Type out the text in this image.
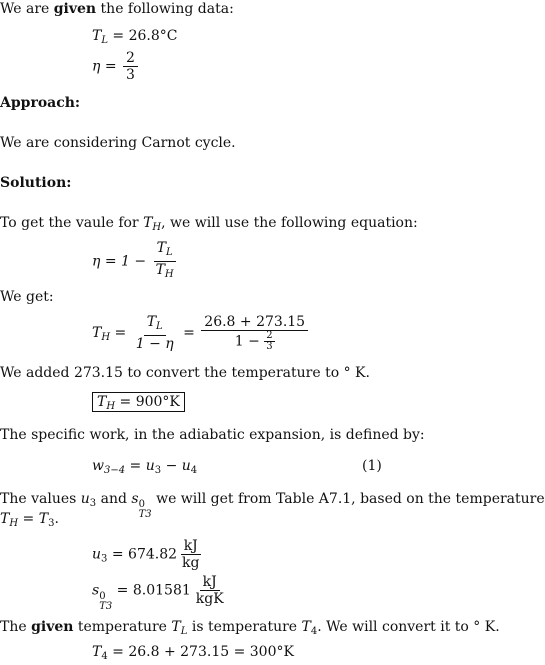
We are given the following data:
$T_L = 26.8^\circ C$
$\eta = \frac{2}{3}$
Approach:
We are considering Carnot cycle.
Solution:
To get the vaule for $T_H$, we will use the following equation:
$\eta = 1 - \frac{T_L}{T_H}$
We get:
$T_H = \frac{T_L}{1 - \eta} = \frac{26.8 + 273.15}{1 - \frac{2}{3}}$
We added 273.15 to convert the temperature to ° K.
$T_H = 900^\circ K$
The specific work, in the adiabatic expansion, is defined by:
$w_{3-4} = u_3 - u_4$	(1)
The values $u_3$ and s 0
T3
we will get from Table A7.1, based on the temperature
$T_H = T_3$.
$u_3 = 674.82 \frac{kJ}{kg}$
s 0
T3
= $8.01581 \frac{kJ}{\text{kgK}}$
The given temperature $T_L$ is temperature $T_4$. We will convert it to ° K.
$T_4 = 26.8 + 273.15 = 300^\circ K$
